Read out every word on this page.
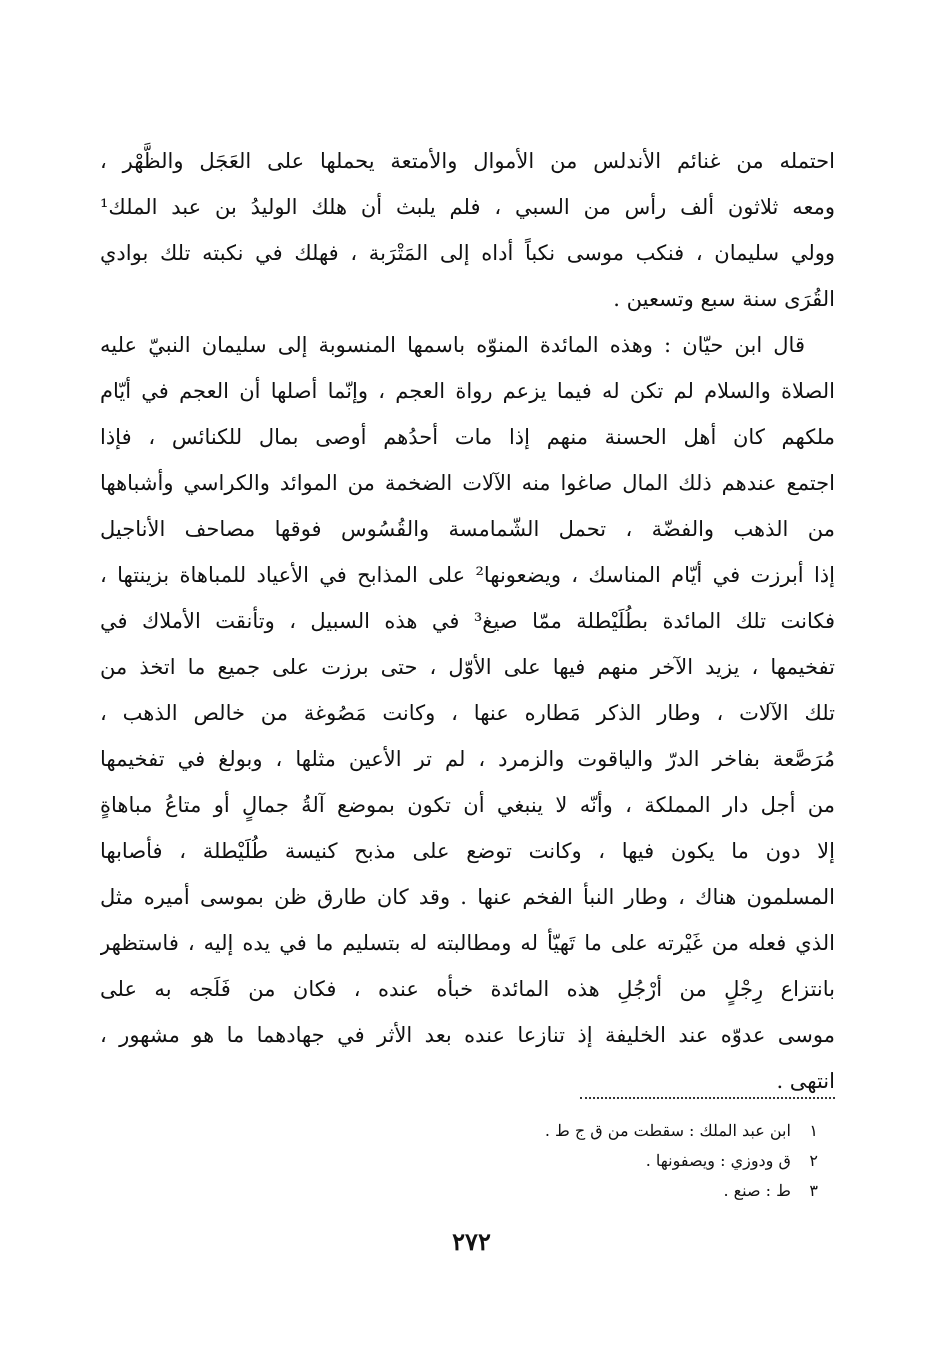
احتمله من غنائم الأندلس من الأموال والأمتعة يحملها على العَجَل والظَّهْر ،
ومعه ثلاثون ألف رأس من السبي ، فلم يلبث أن هلك الوليدُ بن عبد الملك¹
وولي سليمان ، فنكب موسى نكباً أداه إلى المَتْرَبة ، فهلك في نكبته تلك بوادي
القُرَى سنة سبع وتسعين .
قال ابن حيّان : وهذه المائدة المنوّه باسمها المنسوبة إلى سليمان النبيّ عليه
الصلاة والسلام لم تكن له فيما يزعم رواة العجم ، وإنّما أصلها أن العجم في أيّام
ملكهم كان أهل الحسنة منهم إذا مات أحدُهم أوصى بمال للكنائس ، فإذا
اجتمع عندهم ذلك المال صاغوا منه الآلات الضخمة من الموائد والكراسي وأشباهها
من الذهب والفضّة ، تحمل الشّمامسة والقُسُوس فوقها مصاحف الأناجيل
إذا أبرزت في أيّام المناسك ، ويضعونها² على المذابح في الأعياد للمباهاة بزينتها ،
فكانت تلك المائدة بطُلَيْطلة ممّا صيغ³ في هذه السبيل ، وتأنقت الأملاك في
تفخيمها ، يزيد الآخر منهم فيها على الأوّل ، حتى برزت على جميع ما اتخذ من
تلك الآلات ، وطار الذكر مَطاره عنها ، وكانت مَصُوغة من خالص الذهب ،
مُرَصَّعة بفاخر الدرّ والياقوت والزمرد ، لم تر الأعين مثلها ، وبولغ في تفخيمها
من أجل دار المملكة ، وأنّه لا ينبغي أن تكون بموضع آلةُ جمالٍ أو متاعُ مباهاةٍ
إلا دون ما يكون فيها ، وكانت توضع على مذبح كنيسة طُلَيْطلة ، فأصابها
المسلمون هناك ، وطار النبأ الفخم عنها . وقد كان طارق ظن بموسى أميره مثل
الذي فعله من غَيْرته على ما تَهيّأ له ومطالبته له بتسليم ما في يده إليه ، فاستظهر
بانتزاع رِجْلٍ من أرْجُلِ هذه المائدة خبأه عنده ، فكان من فَلَجه به على
موسى عدوّه عند الخليفة إذ تنازعا عنده بعد الأثر في جهادهما ما هو مشهور ،
انتهى .
١ ابن عبد الملك : سقطت من ق ج ط .
٢ ق ودوزي : ويصفونها .
٣ ط : صنع .
٢٧٢
